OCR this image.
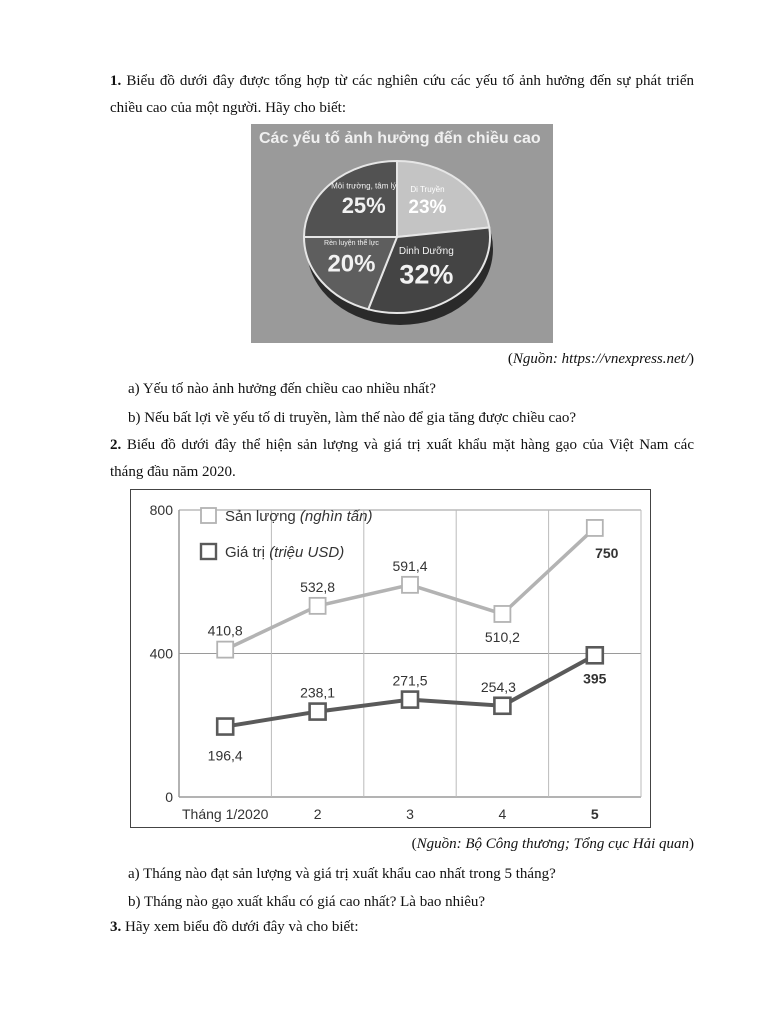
1. Biểu đồ dưới đây được tổng hợp từ các nghiên cứu các yếu tố ảnh hưởng đến sự phát triển chiều cao của một người. Hãy cho biết:
Các yếu tố ảnh hưởng đến chiều cao
Di Truyền
23%
Dinh Dưỡng
32%
Rèn luyện thể lực
20%
Môi trường, tâm lý
25%
(Nguồn: https://vnexpress.net/)
a) Yếu tố nào ảnh hưởng đến chiều cao nhiều nhất?
b) Nếu bất lợi về yếu tố di truyền, làm thế nào để gia tăng được chiều cao?
2. Biểu đồ dưới đây thể hiện sản lượng và giá trị xuất khẩu mặt hàng gạo của Việt Nam các tháng đầu năm 2020.
0
400
800	Sản lượng (nghìn tấn)
Giá trị (triệu USD)
410,8
532,8
591,4
510,2
750
196,4
238,1
271,5	254,3
395
Tháng 1/2020	2	3	4	5
(Nguồn: Bộ Công thương; Tổng cục Hải quan)
a) Tháng nào đạt sản lượng và giá trị xuất khẩu cao nhất trong 5 tháng?
b) Tháng nào gạo xuất khẩu có giá cao nhất? Là bao nhiêu?
3. Hãy xem biểu đồ dưới đây và cho biết:
